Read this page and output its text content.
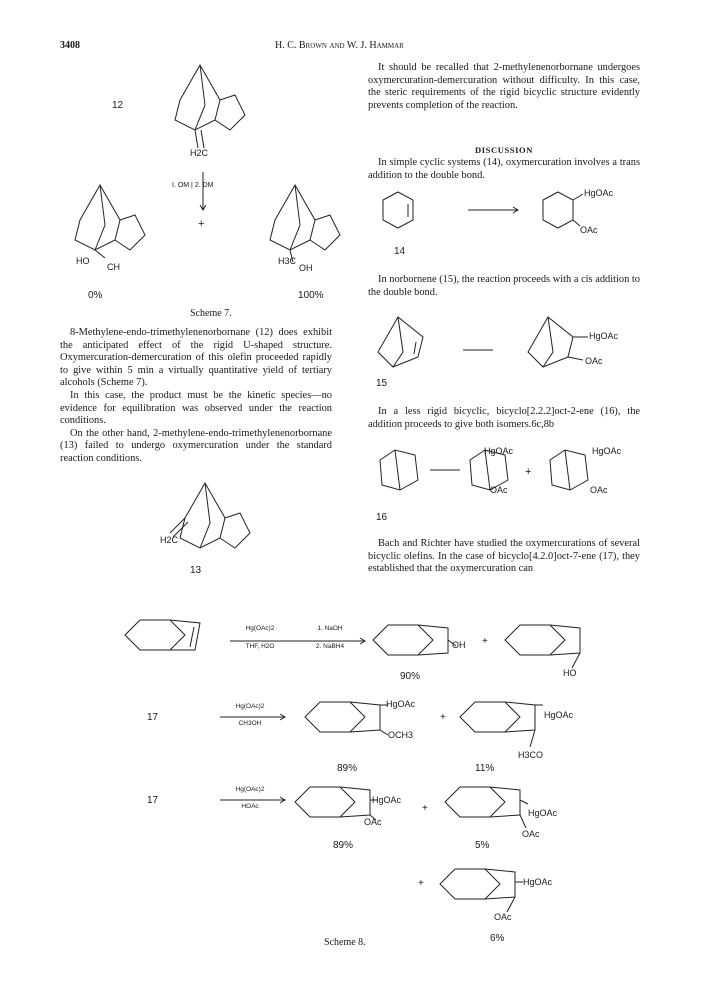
3408	H. C. Brown and W. J. Hammar
12
H2C
I. OM | 2. DM
+
HO
CH
H3C
OH
0%	100%
Scheme 7.

8-Methylene-endo-trimethylenenorbornane (12) does exhibit the anticipated effect of the rigid U-shaped structure. Oxymercuration-demercuration of this olefin proceeded rapidly to give within 5 min a virtually quantitative yield of tertiary alcohols (Scheme 7).

In this case, the product must be the kinetic species—no evidence for equilibration was observed under the reaction conditions.

On the other hand, 2-methylene-endo-trimethylenenorbornane (13) failed to undergo oxymercuration under the standard reaction conditions.

H2C
13

It should be recalled that 2-methylenenorbornane undergoes oxymercuration-demercuration without difficulty. In this case, the steric requirements of the rigid bicyclic structure evidently prevents completion of the reaction.

DISCUSSION

In simple cyclic systems (14), oxymercuration involves a trans addition to the double bond.

HgOAc
OAc
14

In norbornene (15), the reaction proceeds with a cis addition to the double bond.

HgOAc
OAc
15

In a less rigid bicyclic, bicyclo[2.2.2]oct-2-ene (16), the addition proceeds to give both isomers.6c,8b

HgOAc
OAc
+
HgOAc
OAc
16

Bach and Richter have studied the oxymercurations of several bicyclic olefins. In the case of bicyclo[4.2.0]oct-7-ene (17), they established that the oxymercuration can

Hg(OAc)2
THF, H2O
1. NaOH
2. NaBH4	OH +
HO
90%
17
Hg(OAc)2
CH3OH
HgOAc
OCH3
+	HgOAc
H3CO
89%	11%
17
Hg(OAc)2
HOAc
HgOAc
OAc
+	HgOAc
OAc
89%	5%
+	HgOAc
OAc
6%
Scheme 8.
